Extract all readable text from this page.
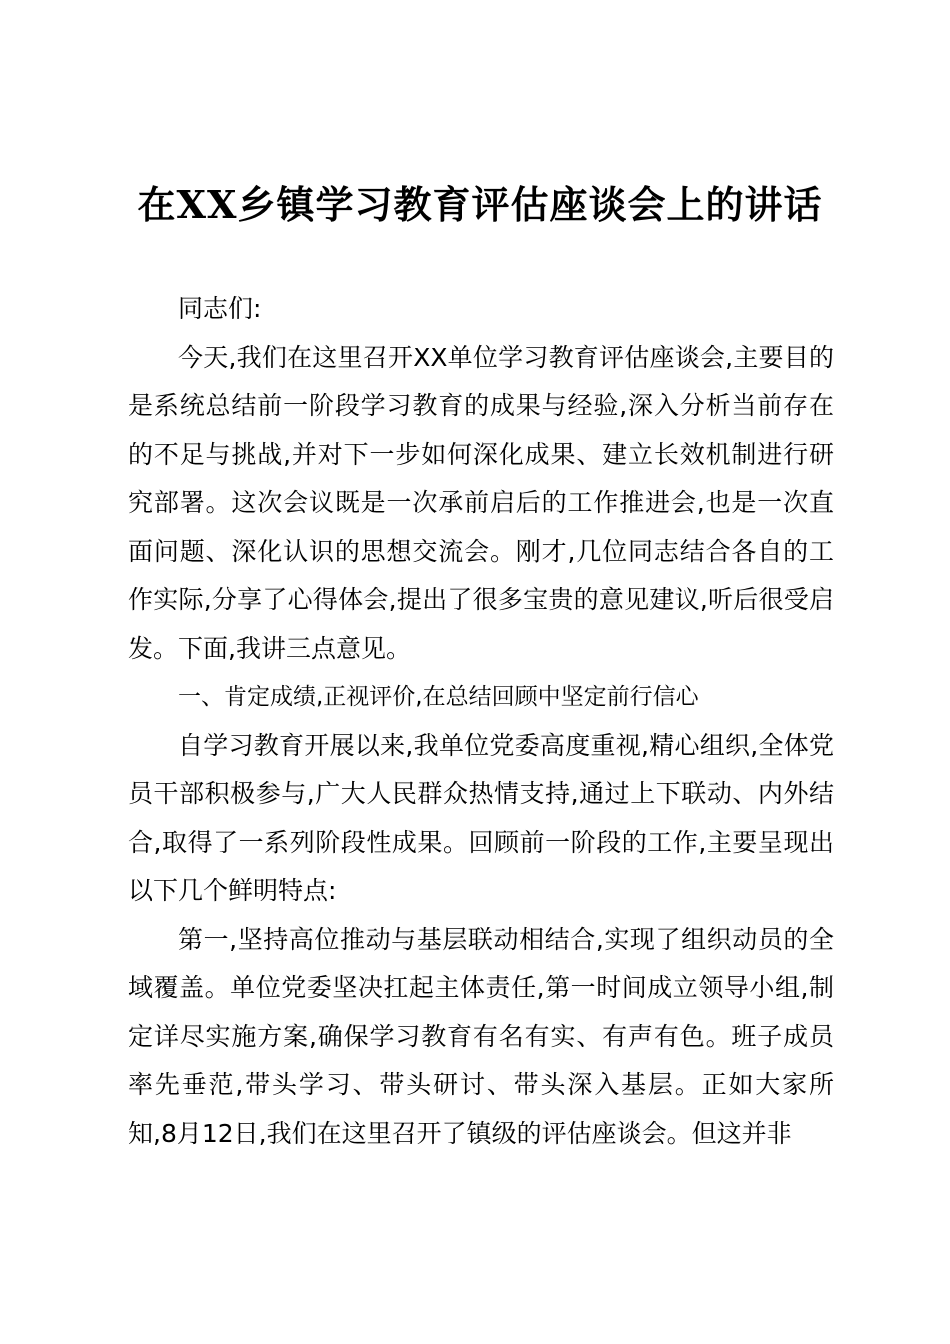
在XX乡镇学习教育评估座谈会上的讲话

同志们:

今天,我们在这里召开XX单位学习教育评估座谈会,主要目的是系统总结前一阶段学习教育的成果与经验,深入分析当前存在的不足与挑战,并对下一步如何深化成果、建立长效机制进行研究部署。这次会议既是一次承前启后的工作推进会,也是一次直面问题、深化认识的思想交流会。刚才,几位同志结合各自的工作实际,分享了心得体会,提出了很多宝贵的意见建议,听后很受启发。下面,我讲三点意见。

一、肯定成绩,正视评价,在总结回顾中坚定前行信心

自学习教育开展以来,我单位党委高度重视,精心组织,全体党员干部积极参与,广大人民群众热情支持,通过上下联动、内外结合,取得了一系列阶段性成果。回顾前一阶段的工作,主要呈现出以下几个鲜明特点:

第一,坚持高位推动与基层联动相结合,实现了组织动员的全域覆盖。单位党委坚决扛起主体责任,第一时间成立领导小组,制定详尽实施方案,确保学习教育有名有实、有声有色。班子成员率先垂范,带头学习、带头研讨、带头深入基层。正如大家所知,8月12日,我们在这里召开了镇级的评估座谈会。但这并非
